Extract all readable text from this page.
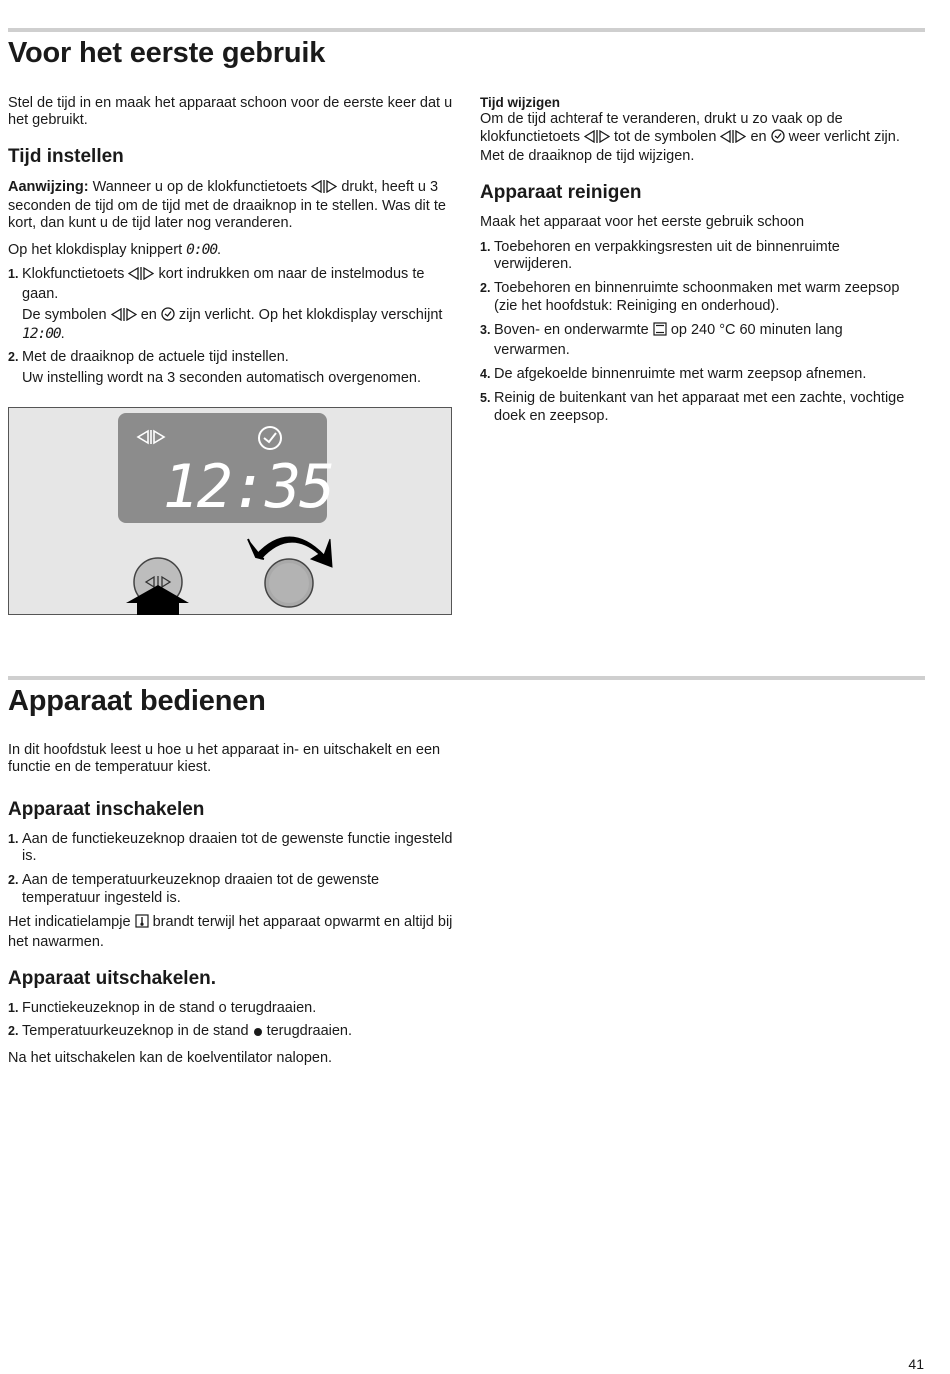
Voor het eerste gebruik

Stel de tijd in en maak het apparaat schoon voor de eerste keer dat u het gebruikt.

Tijd instellen

Aanwijzing: Wanneer u op de klokfunctietoets drukt, heeft u 3 seconden de tijd om de tijd met de draaiknop in te stellen. Was dit te kort, dan kunt u de tijd later nog veranderen.

Op het klokdisplay knippert 0:00.

1. Klokfunctietoets kort indrukken om naar de instelmodus te gaan.
De symbolen en zijn verlicht. Op het klokdisplay verschijnt 12:00.
2. Met de draaiknop de actuele tijd instellen.
Uw instelling wordt na 3 seconden automatisch overgenomen.
12:35

Tijd wijzigen

Om de tijd achteraf te veranderen, drukt u zo vaak op de klokfunctietoets tot de symbolen en weer verlicht zijn. Met de draaiknop de tijd wijzigen.

Apparaat reinigen

Maak het apparaat voor het eerste gebruik schoon

1. Toebehoren en verpakkingsresten uit de binnenruimte verwijderen.
2. Toebehoren en binnenruimte schoonmaken met warm zeepsop (zie het hoofdstuk: Reiniging en onderhoud).
3. Boven- en onderwarmte op 240 °C 60 minuten lang verwarmen.
4. De afgekoelde binnenruimte met warm zeepsop afnemen.
5. Reinig de buitenkant van het apparaat met een zachte, vochtige doek en zeepsop.
Apparaat bedienen

In dit hoofdstuk leest u hoe u het apparaat in- en uitschakelt en een functie en de temperatuur kiest.

Apparaat inschakelen
1. Aan de functiekeuzeknop draaien tot de gewenste functie ingesteld is.
2. Aan de temperatuurkeuzeknop draaien tot de gewenste temperatuur ingesteld is.

Het indicatielampje brandt terwijl het apparaat opwarmt en altijd bij het nawarmen.

Apparaat uitschakelen.
1. Functiekeuzeknop in de stand o terugdraaien.
2. Temperatuurkeuzeknop in de stand terugdraaien.

Na het uitschakelen kan de koelventilator nalopen.

41
